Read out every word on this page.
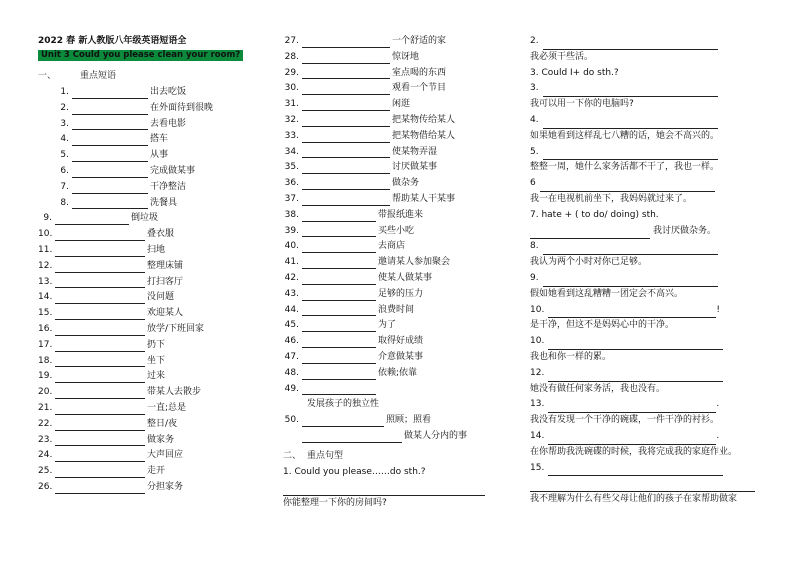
2022 春 新人教版八年级英语短语全
Unit 3 Could you please clean your room?
一、	重点短语
1.	出去吃饭
2.	在外面待到很晚
3.	去看电影
4.	搭车
5.	从事
6.	完成做某事
7.	干净整洁
8.	洗餐具
9.	倒垃圾
10.	叠衣服
11.	扫地
12.	整理床铺
13.	打扫客厅
14.	没问题
15.	欢迎某人
16.	放学/下班回家
17.	扔下
18.	坐下
19.	过来
20.	带某人去散步
21.	一直;总是
22.	整日/夜
23.	做家务
24.	大声回应
25.	走开
26.	分担家务
27.	一个舒适的家
28.	惊讶地
29.	室点喝的东西
30.	观看一个节目
31.	闲逛
32.	把某物传给某人
33.	把某物借给某人
34.	使某物弄湿
35.	讨厌做某事
36.	做杂务
37.	帮助某人干某事
38.	带报纸進来
39.	买些小吃
40.	去商店
41.	邀请某人参加聚会
42.	使某人做某事
43.	足够的压力
44.	浪费时间
45.	为了
46.	取得好成绩
47.	介意做某事
48.	依赖;依靠
49.
发展孩子的独立性
50.	照顾；照看
做某人分内的事
二、 重点句型
1. Could you please……do sth.?
你能整理一下你的房间吗?
2.
我必须干些活。
3. Could I+ do sth.?
3.
我可以用一下你的电脑吗?
4.
如果她看到这样乱七八糟的话，她会不高兴的。
5.
整整一周，她什么家务活都不干了，我也一样。
6
我一在电视机前坐下，我妈妈就过来了。
7. hate + ( to do/ doing) sth.
我讨厌做杂务。
8.
我认为两个小时对你已足够。
9.
假如她看到这乱糟糟一团定会不高兴。
10.	!
是干净，但这不是妈妈心中的干净。
10.
我也和你一样的累。
12.
她没有做任何家务活，我也没有。
13.	.
我没有发现一个干净的碗碟，一件干净的衬衫。
14.	.
在你帮助我洗碗碟的时候，我将完成我的家庭作业。
15.
我不理解为什么有些父母让他们的孩子在家帮助做家
